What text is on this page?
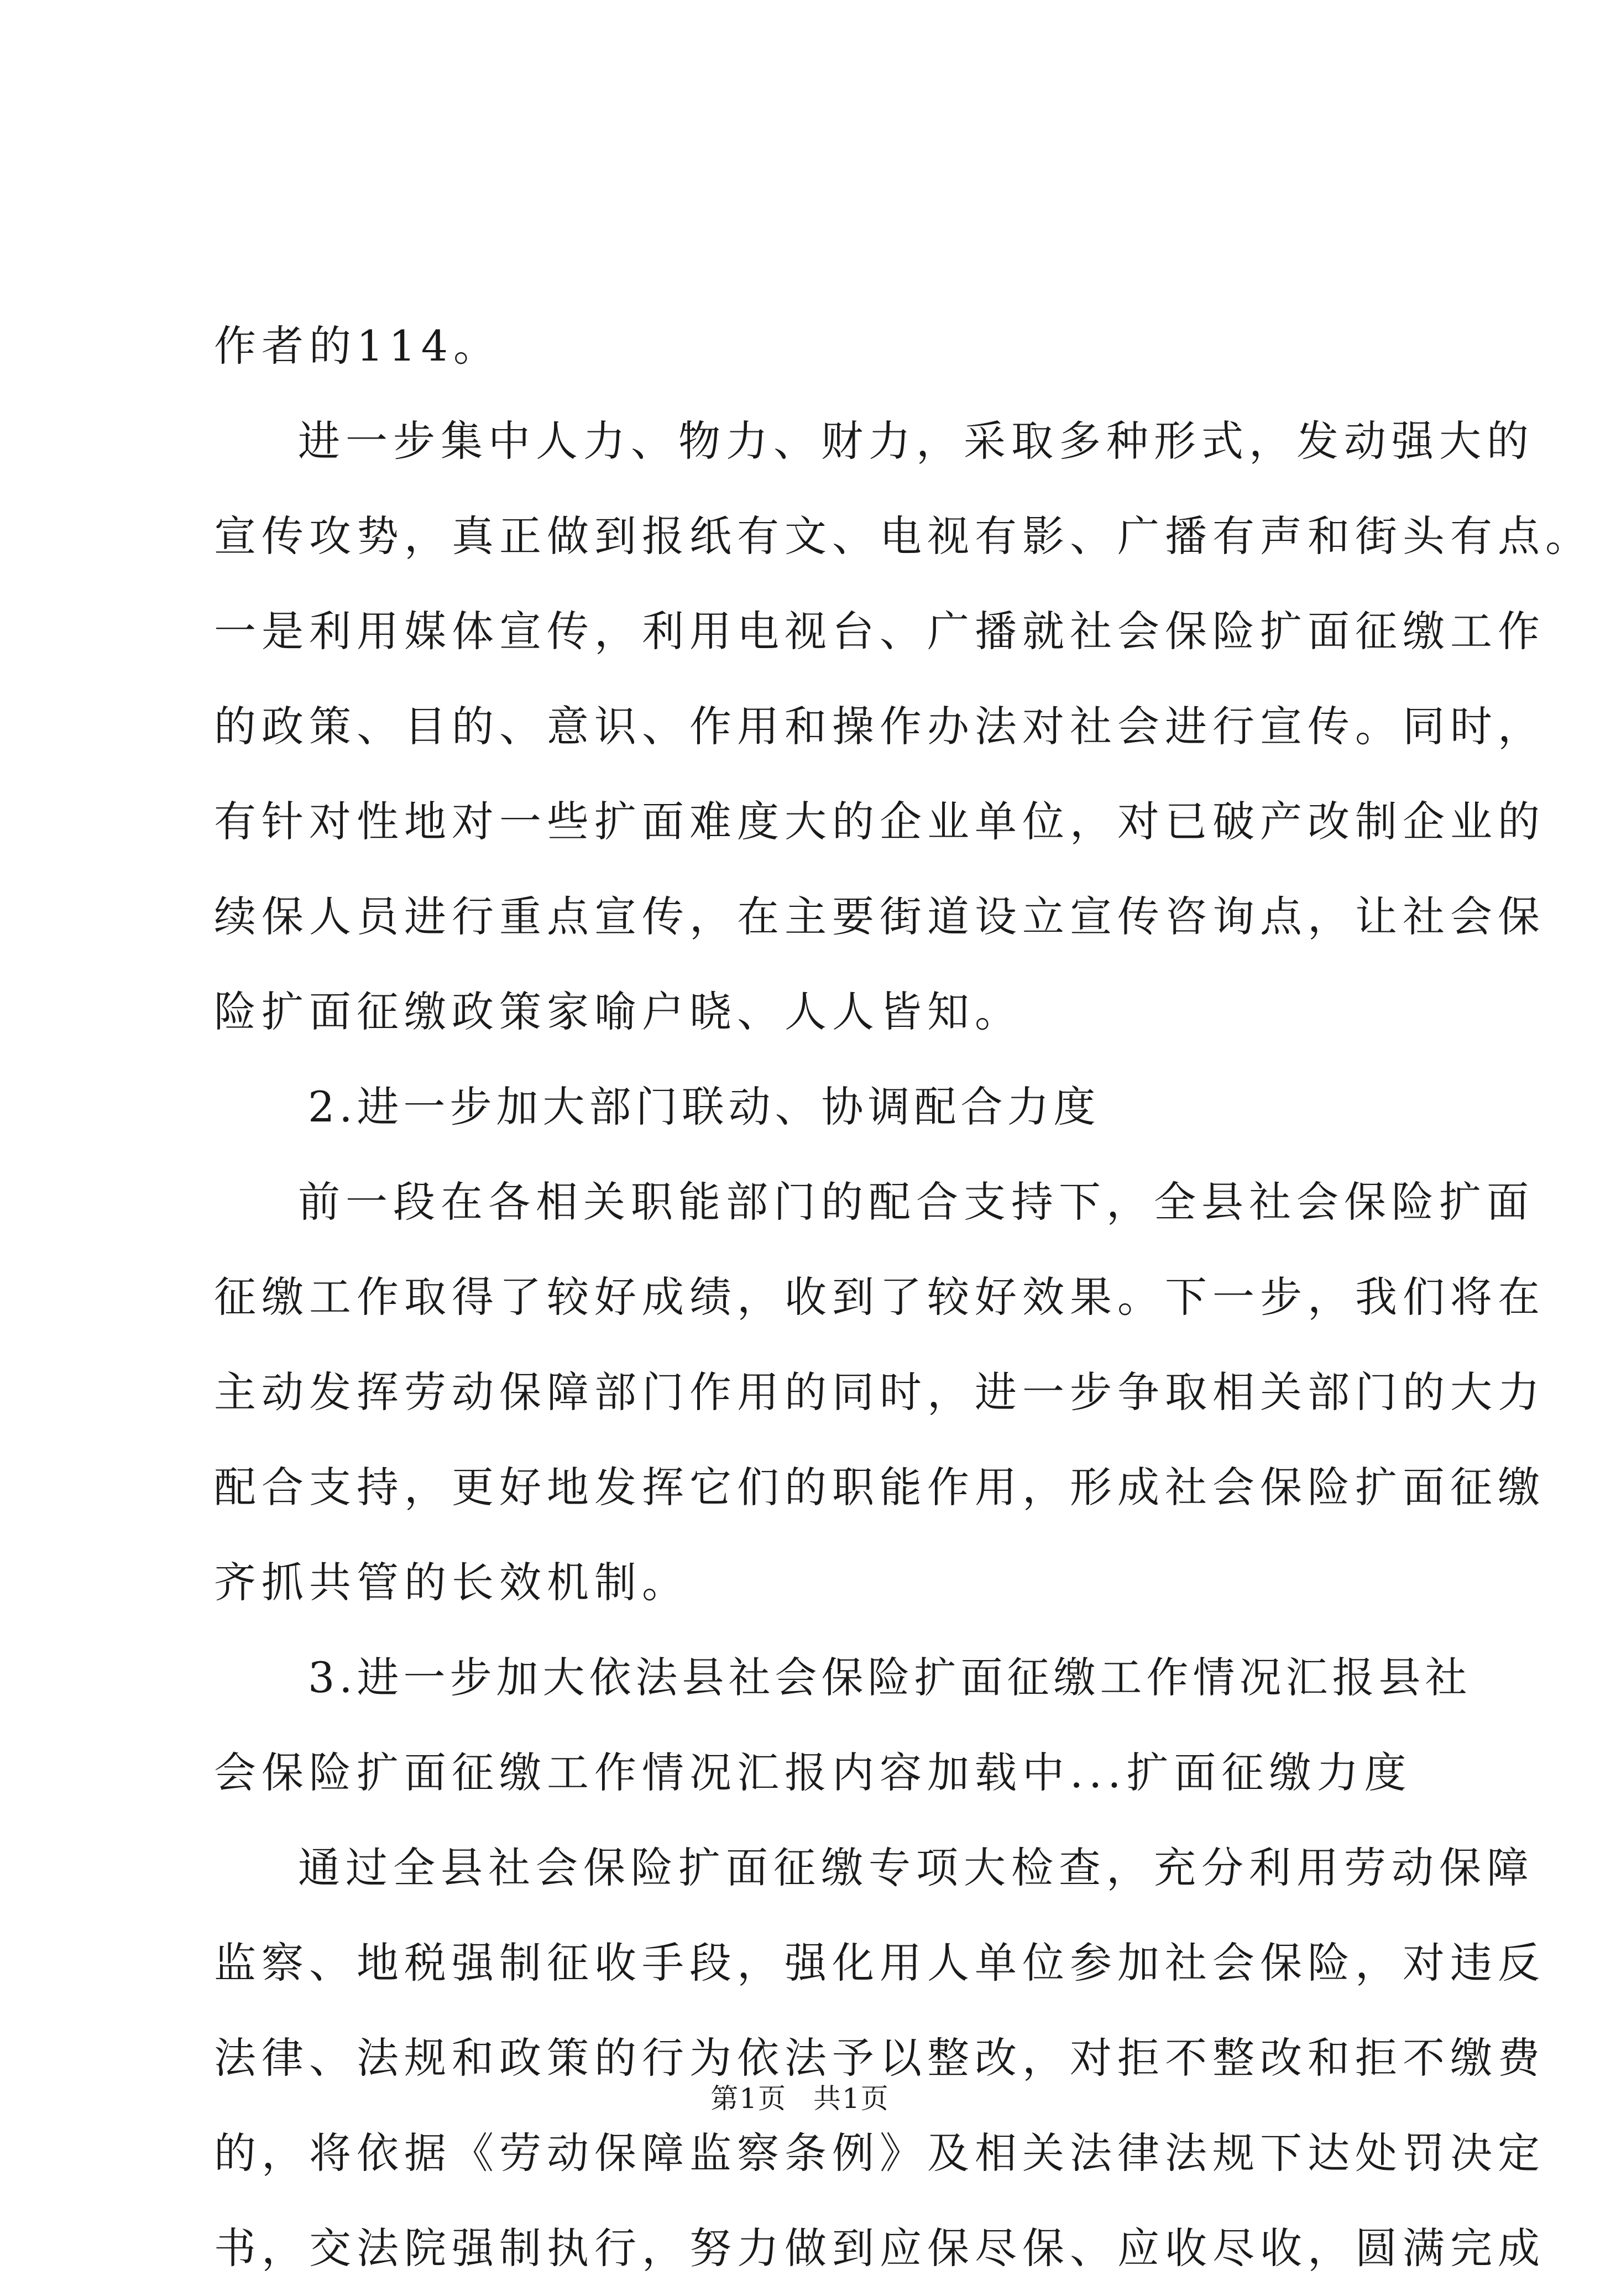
作者的114。
进一步集中人力、物力、财力，采取多种形式，发动强大的
宣传攻势，真正做到报纸有文、电视有影、广播有声和街头有点。
一是利用媒体宣传，利用电视台、广播就社会保险扩面征缴工作
的政策、目的、意识、作用和操作办法对社会进行宣传。同时，
有针对性地对一些扩面难度大的企业单位，对已破产改制企业的
续保人员进行重点宣传，在主要街道设立宣传咨询点，让社会保
险扩面征缴政策家喻户晓、人人皆知。
2.进一步加大部门联动、协调配合力度
前一段在各相关职能部门的配合支持下，全县社会保险扩面
征缴工作取得了较好成绩，收到了较好效果。下一步，我们将在
主动发挥劳动保障部门作用的同时，进一步争取相关部门的大力
配合支持，更好地发挥它们的职能作用，形成社会保险扩面征缴
齐抓共管的长效机制。
3.进一步加大依法县社会保险扩面征缴工作情况汇报县社
会保险扩面征缴工作情况汇报内容加载中...扩面征缴力度
通过全县社会保险扩面征缴专项大检查，充分利用劳动保障
监察、地税强制征收手段，强化用人单位参加社会保险，对违反
法律、法规和政策的行为依法予以整改，对拒不整改和拒不缴费
的，将依据《劳动保障监察条例》及相关法律法规下达处罚决定
书，交法院强制执行，努力做到应保尽保、应收尽收，圆满完成
第1页 共1页
